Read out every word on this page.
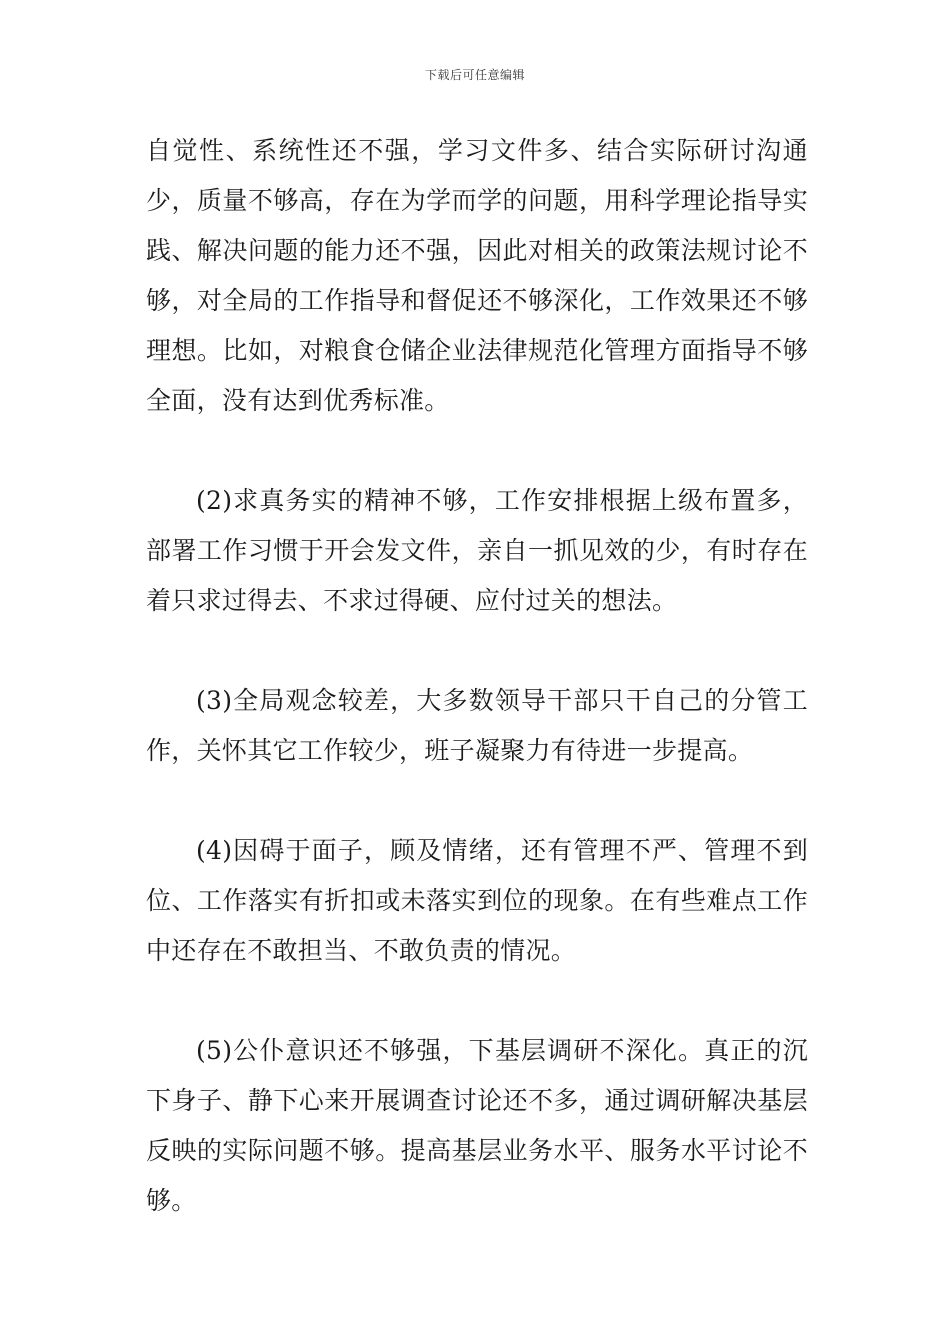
下载后可任意编辑

自觉性、系统性还不强，学习文件多、结合实际研讨沟通少，质量不够高，存在为学而学的问题，用科学理论指导实践、解决问题的能力还不强，因此对相关的政策法规讨论不够，对全局的工作指导和督促还不够深化，工作效果还不够理想。比如，对粮食仓储企业法律规范化管理方面指导不够全面，没有达到优秀标准。

(2)求真务实的精神不够，工作安排根据上级布置多，部署工作习惯于开会发文件，亲自一抓见效的少，有时存在着只求过得去、不求过得硬、应付过关的想法。

(3)全局观念较差，大多数领导干部只干自己的分管工作，关怀其它工作较少，班子凝聚力有待进一步提高。

(4)因碍于面子，顾及情绪，还有管理不严、管理不到位、工作落实有折扣或未落实到位的现象。在有些难点工作中还存在不敢担当、不敢负责的情况。

(5)公仆意识还不够强，下基层调研不深化。真正的沉下身子、静下心来开展调查讨论还不多，通过调研解决基层反映的实际问题不够。提高基层业务水平、服务水平讨论不够。
